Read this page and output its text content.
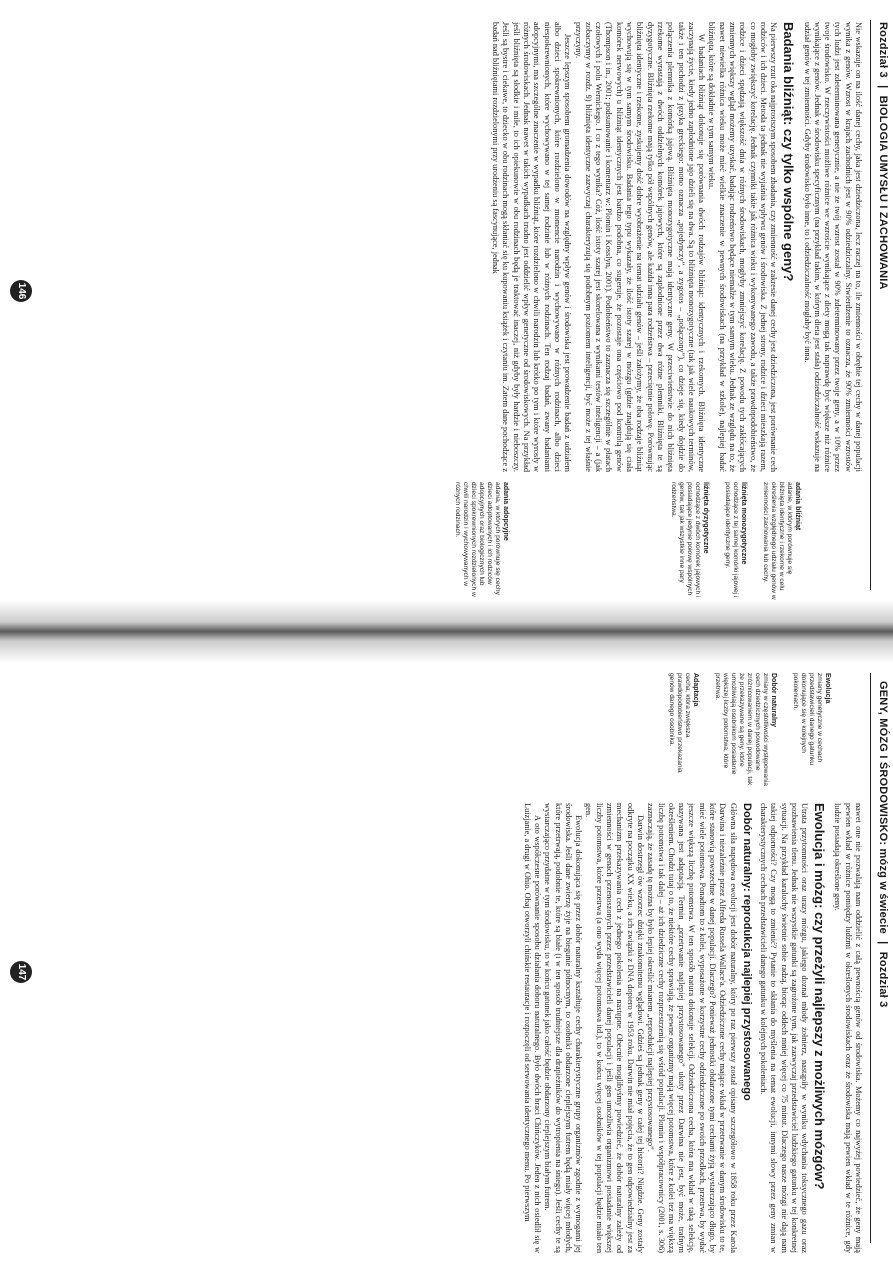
Rozdział 3 | BIOLOGIA UMYSŁU I ZACHOWANIA

Nie wskazuje on na ilość danej cechy, jaka jest dziedziczona, lecz raczej na to, ile zmienności w obrębie tej cechy w danej populacji wynika z genów. Wzrost w krajach zachodnich jest w 90% odziedziczalny. Stwierdzenie to oznacza, że 90% zmienności wzrostów tych ludzi jest zdeterminowana genetycznie, a nie że twój wzrost został w 90% zdeterminowany przez twoje geny, a w 10% przez twoje środowisko. W rzeczywistości możliwe różnice we wzroście wynikające z diety mogą tak naprawdę być większe niż różnice wynikające z genów. Jednak w środowisku specyficznym (na przykład takim, w którym dieta jest stała) odziedziczalność wskazuje na udział genów w tej zmienności. Gdyby środowisko było inne, to i odziedziczalność mogłaby być inna.

Badania bliźniąt: czy tylko wspólne geny?

Na pierwszy rzut oka najprostszym sposobem zbadania, czy zmienność w zakresie danej cechy jest dziedziczona, jest porównanie cech rodziców i ich dzieci. Metoda ta jednak nie wyjaśnia wpływu genów i środowiska. Z jednej strony, rodzice i dzieci mieszkają razem, co mogłoby zwiększyć korelację. Jednak czynniki takie jak różnica wieku i wykonywanego zawodu, a także prawdopodobieństwo, że rodzice i dzieci spędzają większość dnia w różnych środowiskach, mogłyby zmniejszyć korelację. Z powodu tych zakłócających zmiennych większy wgląd możemy uzyskać, badając rodzeństwo będące niemalże w tym samym wieku. Jednak ze względu na to, że nawet niewielka różnica wieku może mieć wielkie znaczenie w pewnych środowiskach (na przykład w szkole), najlepiej badać bliźnięta, które są dokładnie w tym samym wieku.

W badaniach bliźniąt dokonuje się porównania dwóch rodzajów bliźniąt: identycznych i rzekomych. Bliźnięta identyczne zaczynają życie, kiedy jedno zapłodnione jajo dzieli się na dwa. Są to bliźnięta monozygotyczne (tak jak wiele naukowych terminów, także i ten pochodzi z języka greckiego: mono oznacza „pojedynczy”, a zygotos – „połączony”), co dzieje się, kiedy dojdzie do połączenia plemnika z komórką jajową. Bliźnięta monozygotyczne mają identyczne geny. W przeciwieństwie do nich bliźnięta rzekome wyrastają z dwóch oddzielnych komórek jajowych, które są zapłodnione przez dwa różne plemniki. Bliźnięta te są dyzygotyczne. Bliźnięta rzekome mają tylko pół wspólnych genów, ale każda inna para rodzeństwa – przeciętnie połowę. Porównując bliźnięta identyczne i rzekome, zyskujemy dość dobre wyobrażenie na temat udziału genów – jeśli założymy, że oba rodzaje bliźniąt wychowują się w tym samym środowisku. Badania tego typu wykazały, że ilość istoty szarej w mózgu (gdzie znajdują się ciała komórek nerwowych) u bliźniąt identycznych jest bardzo podobna, co sugeruje, że pozostaje ona częściowo pod kontrolą genów (Thompson i in., 2001; podsumowanie i komentarz w: Plomin i Kosslyn, 2001). Podobieństwo to zaznacza się szczególnie w płatach czołowych i polu Wernickego. I co z tego wynika? Cóż, ilość istoty szarej jest skorelowana z wynikami testów inteligencji – a (jak zobaczymy w rozdz. 9) bliźnięta identyczne zazwyczaj charakteryzują się podobnym poziomem inteligencji, być może z tej właśnie przyczyny.

Jeszcze lepszym sposobem gromadzenia dowodów na względny wpływ genów i środowiska jest prowadzenie badań z udziałem albo dzieci spokrewnionych, które rozdzielono w momencie narodzin i wychowywano w różnych rodzinach, albo dzieci niespokrewnionych, które wychowywano w tej samej rodzinie lub w różnych rodzinach. Ten rodzaj badań, zwany badaniami adopcyjnymi, ma szczególne znaczenie w wypadku bliźniąt, które rozdzielono w chwili narodzin lub krótko po tym i które wyrosły w różnych środowiskach. Jednak nawet w takich wypadkach trudno jest oddzielić wpływ genetyczne od środowiskowych. Na przykład jeśli bliźnięta są słodkie i miłe, to ich opiekunowie w obu rodzinach będą je traktować inaczej, niż gdyby były hardzie i nieboszczy. Jeśli są bystre i ciekawe, to dziecko w obu rodzinach mogą skłaniać się ku kupowaniu książek i czytaniu im. Zatem dane pochodzące z badań nad bliźniętami rozdzielonymi przy urodzeniu są fascynujące, jednak

adania bliźniąt
adanie, w którym porównuje się bliźnięta identyczne i rzekome w celu określenia względnego udziału genów w zmienności zachowania lub cechy.
liźnięta monozygotyczne
ochodzące z tej samej komórki jajowej i posiadające identyczne geny.
liźnięta dyzygotyczne
ochodzące z dwóch komórek jajowych i posiadające jedynie połowę wspólnych genów, tak jak wszystkie inne pary rodzeństwa.
adania adopcyjne
adania, w których porównuje się cechy dzieci adoptowanych i ich rodziców adopcyjnych oraz biologicznych lub dzieci spokrewnionych rozdzielonych w chwili narodzin i wychowywanych w różnych rodzinach.
146
GENY, MÓZG I ŚRODOWISKO: mózg w świecie | Rozdział 3
Ewolucja
zmiany genetyczne w cechach przedstawicieli danego gatunku dokonujące się w kolejnych pokoleniach.
Dobór naturalny
zmiany w częstotliwości występowania cech dziedzicznych powodowane zróżnicowaniem w danej populacji, tak że przekazywane są geny, które umożliwiają osobnikom posiadanie większej liczby potomstwa, które przetrwa.
Adaptacja
cecha, która zwiększa prawdopodobieństwo przekazania genów danego osobnika.

nawet one nie pozwalają nam oddzielić z całą pewnością genów od środowiska. Możemy co najwyżej powiedzieć, że geny mają pewien wkład w różnice pomiędzy ludźmi w określonych środowiskach oraz że środowiska mają pewien wkład w te różnice, gdy ludzie posiadają określone geny.

Ewolucja i mózg: czy przeżyli najlepszy z możliwych mózgów?

Utrata przytomności oraz urazy mózgu, jakiego doznał młody żołnierz, nastąpiły w wyniku wdychania toksycznego gazu oraz pozbawienia tlenu. Jednak nie wszystkie gatunki są zagrożone tym, jak zazwyczaj przedstawiciel ludzkiego gatunku w tej konkretnej sytuacji. Na przykład karaluchy świetnie sobie radzą, biorąc oddech mniej więcej co 75 minut. Dlaczego nasze mózgi nie dają nam takiej odporności? Czy mogą to zmienić? Pytanie to skłania do myślenia na temat ewolucji, innymi słowy przez geny zmian w charakterystycznych cechach przedstawicieli danego gatunku w kolejnych pokoleniach.

Dobór naturalny: reprodukcja najlepiej przystosowanego

Główna siła napędowa ewolucji jest dobór naturalny, który po raz pierwszy został opisany szczegółowo w 1858 roku przez Karola Darwina i niezależnie przez Alfreda Russela Wallace'a. Odziedziczone cechy mające wkład w przetrwanie w danym środowisku to te, które stanowią powszechne w danej populacji. Dlaczego? Ponieważ jednostki obdarzone tymi cechami żyją wystarczająco długo, by mieć wiele potomstwa. Ponadtom to z kolei, wyposażone w korzystne cechy odziedziczone po swoich przodkach, przetrwa, by wydać jeszcze większą liczbę potomstwa. W ten sposób natura dokonuje selekcji. Odziedziczona cecha, która ma wkład w taką selekcję, nazywana jest adaptacją. Termin „przetrwanie najlepiej przystosowanego” ukuty przez Darwina nie jest, być może, trafnym określeniem. Chodzi tutaj o to, że niektóre cechy sprawiają, że pewne organizmy mają więcej potomstwa, które z kolei też ma większą liczbę potomstwa i tak dalej – aż ich dziedziczne cechy rozprzestrzenią się wśród populacji. Plomin i współpracownicy (2001, s. 306) zaznaczają, że zasadę tę można by było lepiej określić mianem „reprodukcji najlepiej przystosowanego”.

Darwin dostrzegł ów wzorzec dzięki znakomitemu wglądowi. Gdzieś są jednak geny w całej tej historii? Nigdzie. Geny zostały odkryte na początku XX wieku, a ich związki z DNA dopiero w 1953 roku. Darwin nie miał pojęcia, że to gen odpowiedzialny jest za mechanizm przekazywania cech z jednego pokolenia na następne. Obecnie moglibyśmy powiedzieć, że dobór naturalny zależy od zmienności w genach przenoszonych przez przedstawicieli danej populacji i jeśli gen umożliwia organizmowi posiadanie większej liczby potomstwa, które przetrwa (a ono wyda więcej potomstwa itd.), to w końcu więcej osobników w tej populacji będzie miało ten gen.

Ewolucja dokonująca się przez dobór naturalny kształtuje cechy charakterystyczne grupy organizmów zgodnie z wymogami jej środowiska. Jeśli dane zwierzę żyje na biegunie północnym, to osobniki obdarzone cieplejszym futrem będą miały więcej młodych, które przetrwają, podobnie te, które są białe (i w ten sposób trudniejsze dla drapieżników do wytropienia na śniegu). Jeśli cechy te są wystarczająco przydatne w tym środowisku, to w końcu gatunek jako całość będzie obdarzony cieplejszym białym futrem.

A oto współczesne porównanie sposobu działania doboru naturalnego. Było dwóch braci Chińczyków. Jeden z nich osiedlił się w Luizjanie, a drugi w Ohio. Obaj otworzyli chińskie restauracje i rozpoczęli od serwowania identycznego menu. Po pierwszym

147
